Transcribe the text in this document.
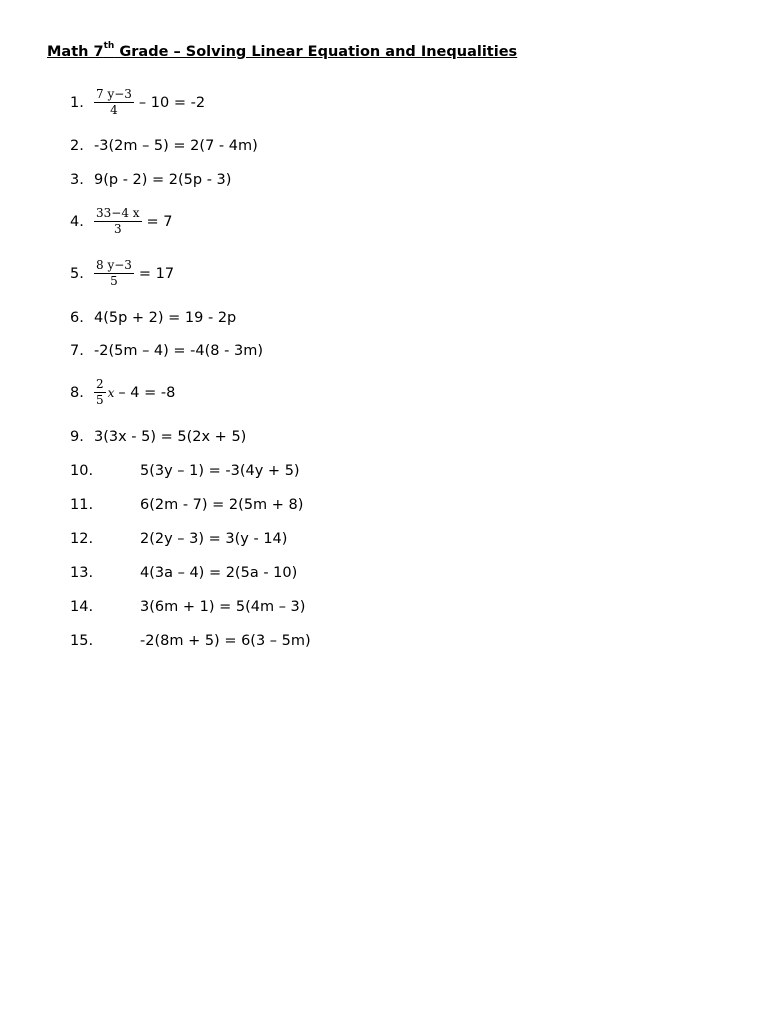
Math 7th Grade – Solving Linear Equation and Inequalities
1. $\frac{7 y-3}{4} - 10 = -2$
2. -3(2m – 5) = 2(7 - 4m)
3. 9(p - 2) = 2(5p - 3)
4. $\frac{33-4 x}{3} = 7$
5. $\frac{8 y-3}{5} = 17$
6. 4(5p + 2) = 19 - 2p
7. -2(5m – 4) = -4(8 - 3m)
8. $\frac{2}{5}$ x – 4 = -8
9. 3(3x - 5) = 5(2x + 5)
10.	5(3y – 1) = -3(4y + 5)
11.	6(2m - 7) = 2(5m + 8)
12.	2(2y – 3) = 3(y - 14)
13.	4(3a – 4) = 2(5a - 10)
14.	3(6m + 1) = 5(4m – 3)
15.	-2(8m + 5) = 6(3 – 5m)
